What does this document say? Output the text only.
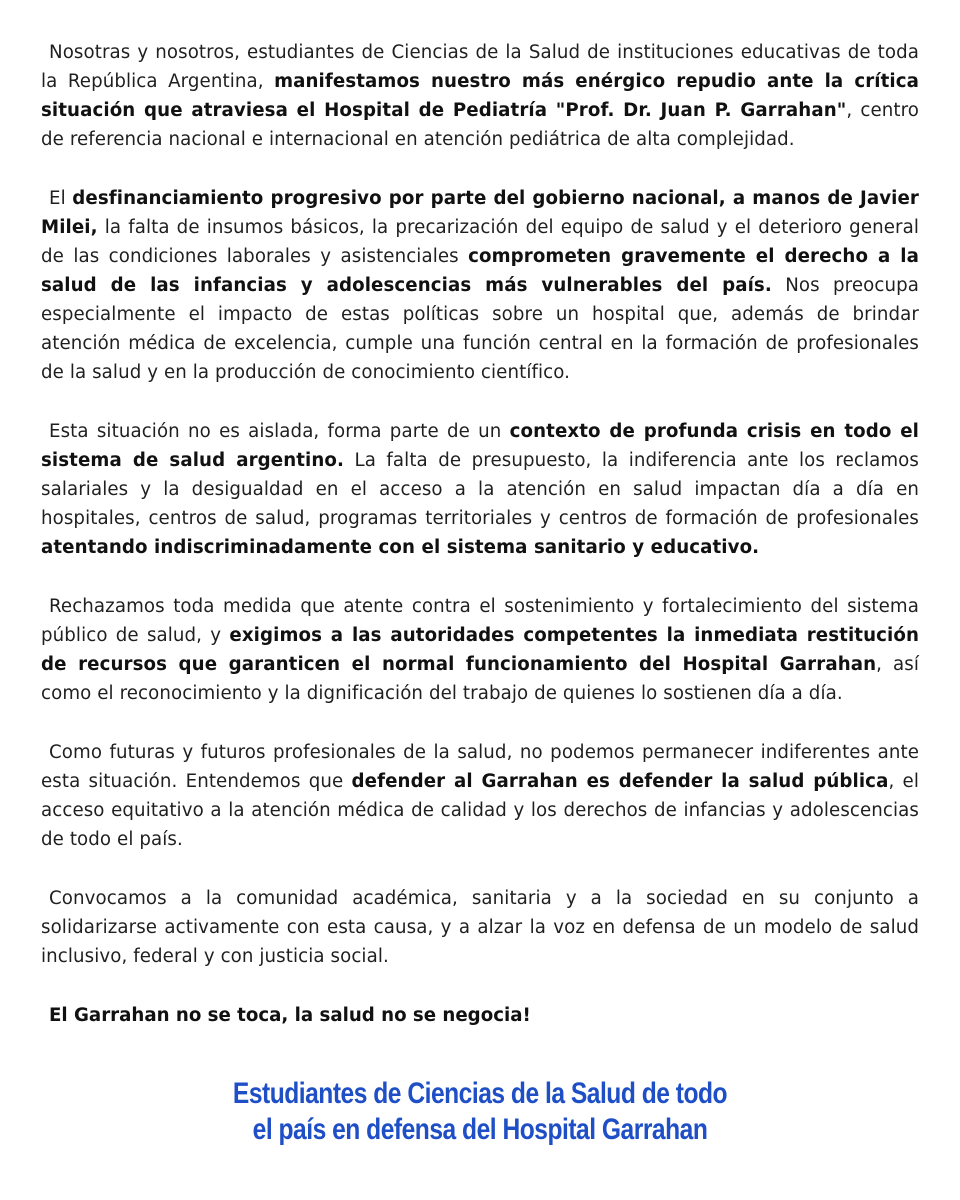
Nosotras y nosotros, estudiantes de Ciencias de la Salud de instituciones educativas de toda la República Argentina, manifestamos nuestro más enérgico repudio ante la crítica situación que atraviesa el Hospital de Pediatría "Prof. Dr. Juan P. Garrahan", centro de referencia nacional e internacional en atención pediátrica de alta complejidad.

El desfinanciamiento progresivo por parte del gobierno nacional, a manos de Javier Milei, la falta de insumos básicos, la precarización del equipo de salud y el deterioro general de las condiciones laborales y asistenciales comprometen gravemente el derecho a la salud de las infancias y adolescencias más vulnerables del país. Nos preocupa especialmente el impacto de estas políticas sobre un hospital que, además de brindar atención médica de excelencia, cumple una función central en la formación de profesionales de la salud y en la producción de conocimiento científico.

Esta situación no es aislada, forma parte de un contexto de profunda crisis en todo el sistema de salud argentino. La falta de presupuesto, la indiferencia ante los reclamos salariales y la desigualdad en el acceso a la atención en salud impactan día a día en hospitales, centros de salud, programas territoriales y centros de formación de profesionales atentando indiscriminadamente con el sistema sanitario y educativo.

Rechazamos toda medida que atente contra el sostenimiento y fortalecimiento del sistema público de salud, y exigimos a las autoridades competentes la inmediata restitución de recursos que garanticen el normal funcionamiento del Hospital Garrahan, así como el reconocimiento y la dignificación del trabajo de quienes lo sostienen día a día.

Como futuras y futuros profesionales de la salud, no podemos permanecer indiferentes ante esta situación. Entendemos que defender al Garrahan es defender la salud pública, el acceso equitativo a la atención médica de calidad y los derechos de infancias y adolescencias de todo el país.

Convocamos a la comunidad académica, sanitaria y a la sociedad en su conjunto a solidarizarse activamente con esta causa, y a alzar la voz en defensa de un modelo de salud inclusivo, federal y con justicia social.

El Garrahan no se toca, la salud no se negocia!

Estudiantes de Ciencias de la Salud de todo
el país en defensa del Hospital Garrahan
